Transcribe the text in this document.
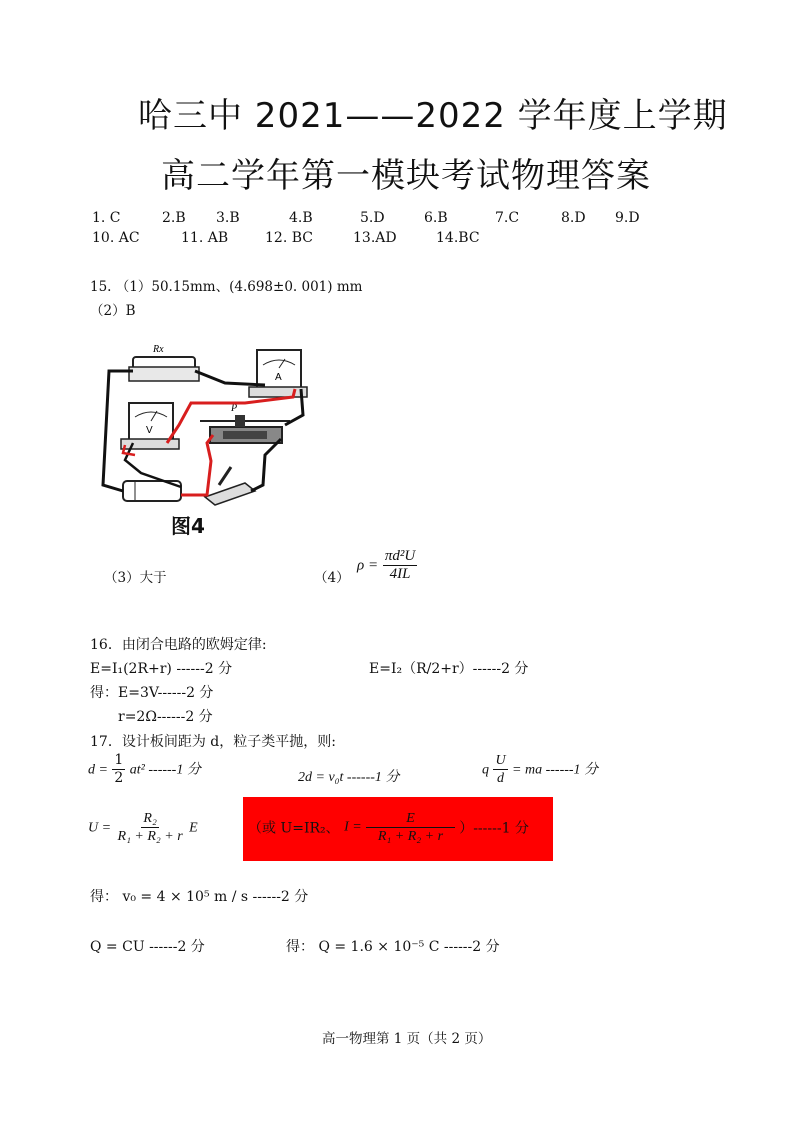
哈三中 2021——2022 学年度上学期
高二学年第一模块考试物理答案
1. C	2.B 3.B	4.B	5.D	6.B	7.C	8.D 9.D
10. AC	11. AB	12. BC	13.AD	14.BC
15. （1）50.15mm、(4.698±0. 001) mm
（2）B
Rx
A
V
P
图4
（3）大于	（4）
$\rho = \frac{\text{πd²U}}{4IL}$
16．由闭合电路的欧姆定律:
E=I₁(2R+r) ------2 分	E=I₂（R/2+r）------2 分
得：E=3V------2 分
r=2Ω------2 分
17．设计板间距为 d，粒子类平抛，则:
$d = \frac{1}{2} at^2$ ------1 分	2d = v₀t ------1 分	q $\frac{U}{d}$ = ma ------1 分
$U = \frac{\text{R₂}}{\text{R₁ + R₂ + r}}$ E	（或 U=IR₂、 $I = \frac{E}{\text{R₁ + R₂ + r}} )------1$ 分
得： v₀ = 4 × 10⁵ m / s ------2 分
Q = CU ------2 分	得： Q = 1.6 × 10⁻⁵ C ------2 分
高一物理第 1 页（共 2 页）
